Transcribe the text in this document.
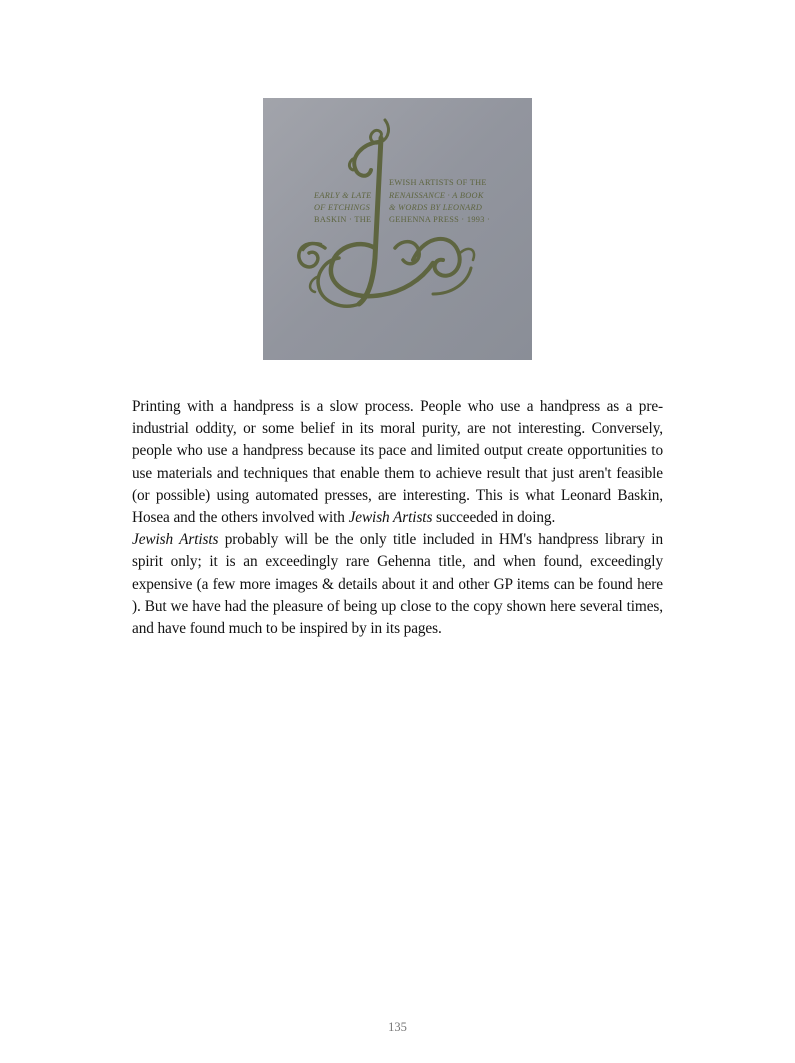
EWISH ARTISTS OF THE
EARLY & LATE RENAISSANCE · A BOOK
OF ETCHINGS & WORDS BY LEONARD
BASKIN · THE GEHENNA PRESS · 1993 ·

Printing with a handpress is a slow process. People who use a handpress as a pre-industrial oddity, or some belief in its moral purity, are not interesting. Conversely, people who use a handpress because its pace and limited output create opportunities to use materials and techniques that enable them to achieve result that just aren't feasible (or possible) using automated presses, are interesting. This is what Leonard Baskin, Hosea and the others involved with Jewish Artists succeeded in doing.

Jewish Artists probably will be the only title included in HM's handpress library in spirit only; it is an exceedingly rare Gehenna title, and when found, exceedingly expensive (a few more images & details about it and other GP items can be found here ). But we have had the pleasure of being up close to the copy shown here several times, and have found much to be inspired by in its pages.

135
